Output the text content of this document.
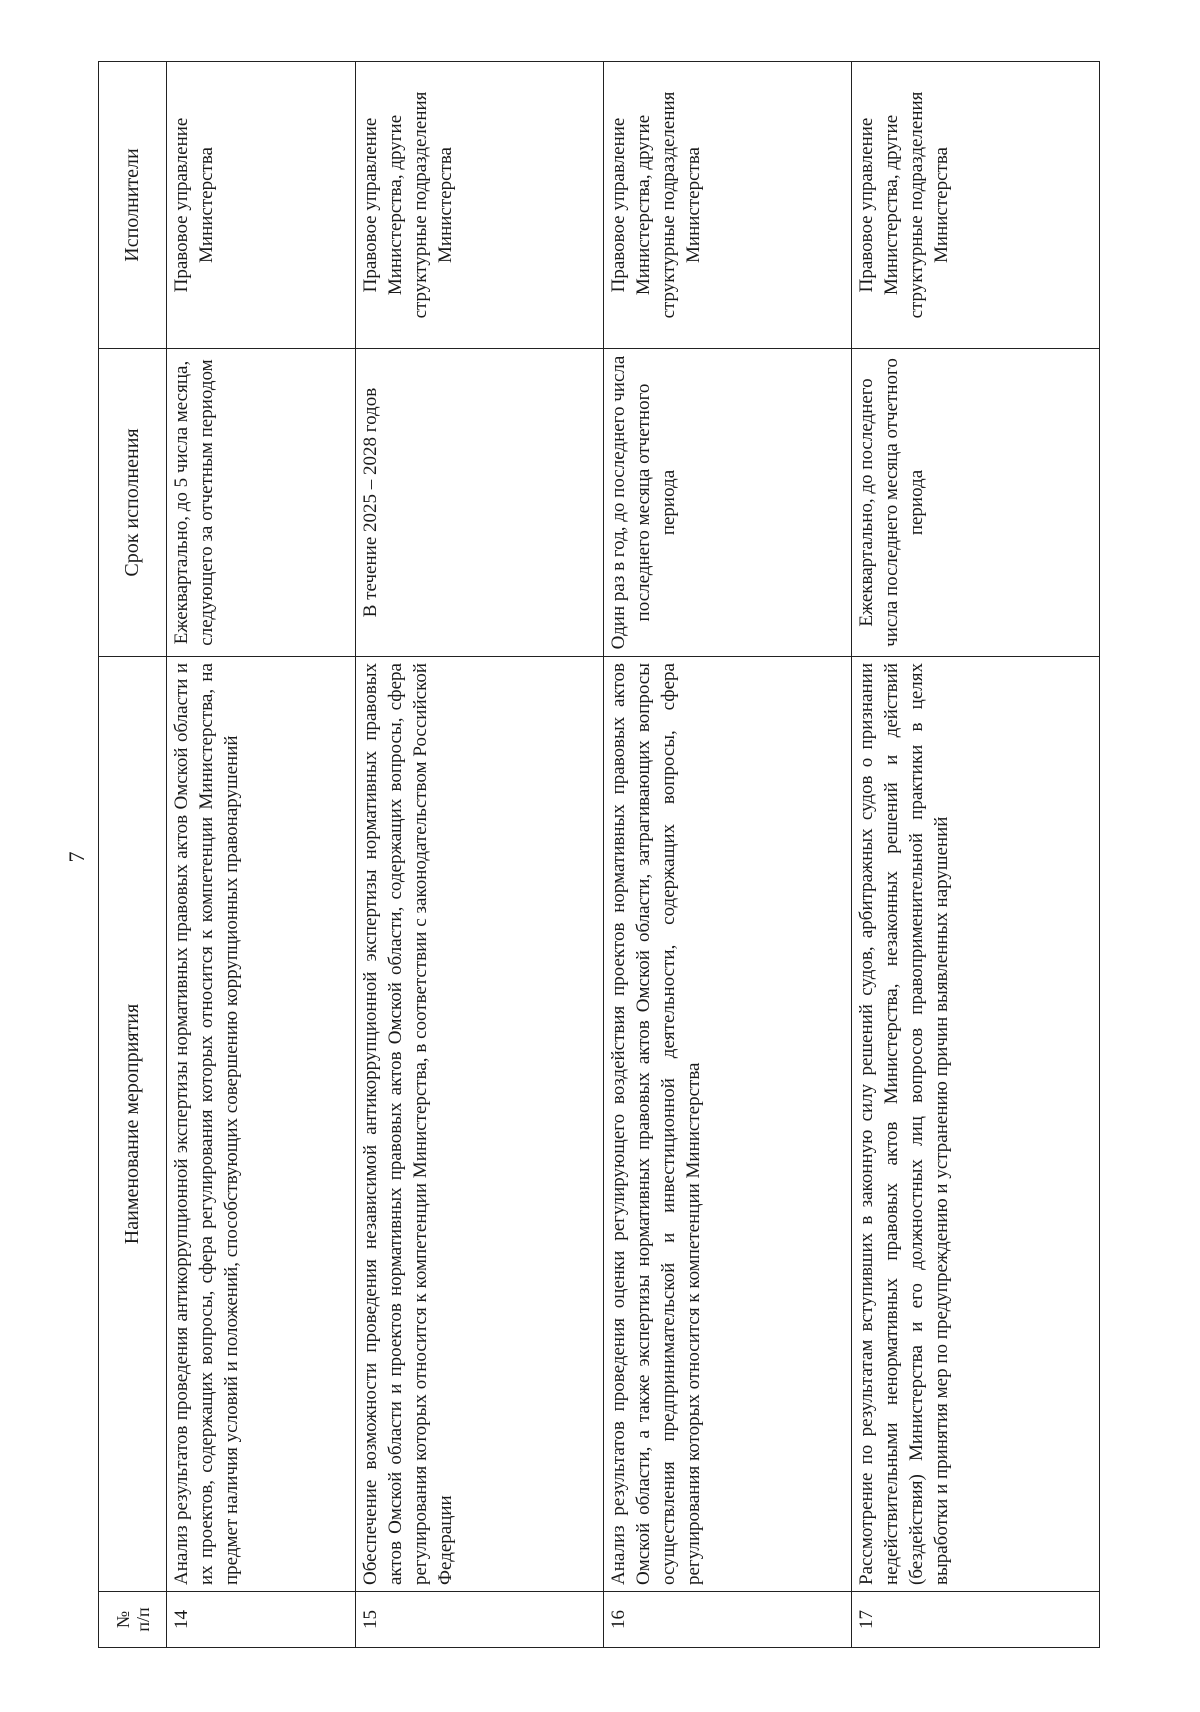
7
№
п/п	Наименование мероприятия	Срок исполнения	Исполнители
14	Анализ результатов проведения антикоррупционной экспертизы нормативных правовых актов Омской области и их проектов, содержащих вопросы, сфера регулирования которых относится к компетенции Министерства, на предмет наличия условий и положений, способствующих совершению коррупционных правонарушений	Ежеквартально, до 5 числа месяца, следующего за отчетным периодом	Правовое управление Министерства
15	Обеспечение возможности проведения независимой антикоррупционной экспертизы нормативных правовых актов Омской области и проектов нормативных правовых актов Омской области, содержащих вопросы, сфера регулирования которых относится к компетенции Министерства, в соответствии с законодательством Российской Федерации	В течение 2025 – 2028 годов	Правовое управление Министерства, другие структурные подразделения Министерства
16	Анализ результатов проведения оценки регулирующего воздействия проектов нормативных правовых актов Омской области, а также экспертизы нормативных правовых актов Омской области, затрагивающих вопросы осуществления предпринимательской и инвестиционной деятельности, содержащих вопросы, сфера регулирования которых относится к компетенции Министерства	Один раз в год, до последнего числа последнего месяца отчетного периода	Правовое управление Министерства, другие структурные подразделения Министерства
17	Рассмотрение по результатам вступивших в законную силу решений судов, арбитражных судов о признании недействительными ненормативных правовых актов Министерства, незаконных решений и действий (бездействия) Министерства и его должностных лиц вопросов правоприменительной практики в целях выработки и принятия мер по предупреждению и устранению причин выявленных нарушений	Ежеквартально, до последнего числа последнего месяца отчетного периода	Правовое управление Министерства, другие структурные подразделения Министерства
